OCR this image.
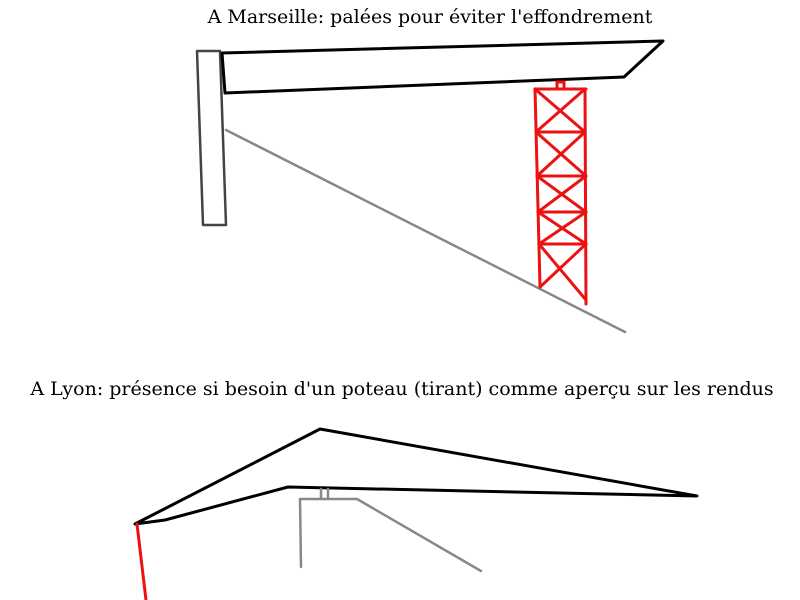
A Marseille: palées pour éviter l'effondrement
A Lyon: présence si besoin d'un poteau (tirant) comme aperçu sur les rendus
